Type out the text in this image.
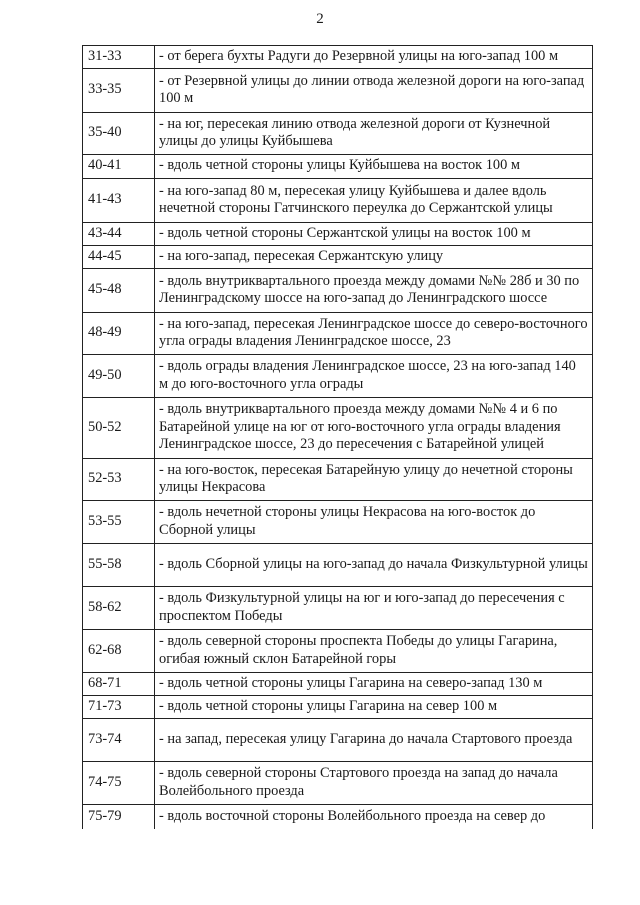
2
31-33	- от берега бухты Радуги до Резервной улицы на юго-запад 100 м
33-35	- от Резервной улицы до линии отвода железной дороги на юго-запад 100 м
35-40	- на юг, пересекая линию отвода железной дороги от Кузнечной улицы до улицы Куйбышева
40-41	- вдоль четной стороны улицы Куйбышева на восток 100 м
41-43	- на юго-запад 80 м, пересекая улицу Куйбышева и далее вдоль нечетной стороны Гатчинского переулка до Сержантской улицы
43-44	- вдоль четной стороны Сержантской улицы на восток 100 м
44-45	- на юго-запад, пересекая Сержантскую улицу
45-48	- вдоль внутриквартального проезда между домами №№ 28б и 30 по Ленинградскому шоссе на юго-запад до Ленинградского шоссе
48-49	- на юго-запад, пересекая Ленинградское шоссе до северо-восточного угла ограды владения Ленинградское шоссе, 23
49-50	- вдоль ограды владения Ленинградское шоссе, 23 на юго-запад 140 м до юго-восточного угла ограды
50-52	- вдоль внутриквартального проезда между домами №№ 4 и 6 по Батарейной улице на юг от юго-восточного угла ограды владения Ленинградское шоссе, 23 до пересечения с Батарейной улицей
52-53	- на юго-восток, пересекая Батарейную улицу до нечетной стороны улицы Некрасова
53-55	- вдоль нечетной стороны улицы Некрасова на юго-восток до Сборной улицы
55-58	- вдоль Сборной улицы на юго-запад до начала Физкультурной улицы
58-62	- вдоль Физкультурной улицы на юг и юго-запад до пересечения с проспектом Победы
62-68	- вдоль северной стороны проспекта Победы до улицы Гагарина, огибая южный склон Батарейной горы
68-71	- вдоль четной стороны улицы Гагарина на северо-запад 130 м
71-73	- вдоль четной стороны улицы Гагарина на север 100 м
73-74	- на запад, пересекая улицу Гагарина до начала Стартового проезда
74-75	- вдоль северной стороны Стартового проезда на запад до начала Волейбольного проезда
75-79	- вдоль восточной стороны Волейбольного проезда на север до
